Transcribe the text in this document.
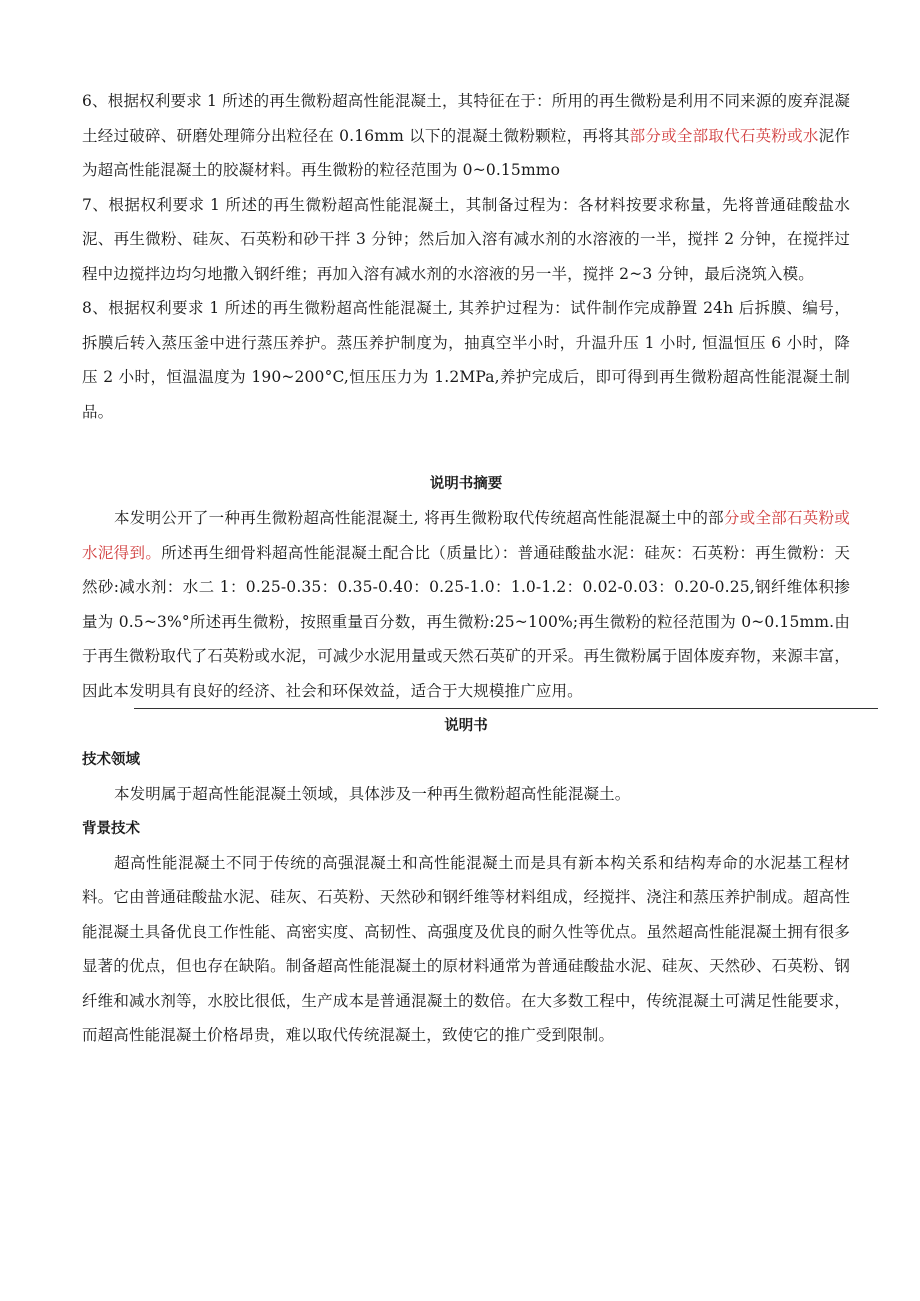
6、根据权利要求 1 所述的再生微粉超高性能混凝土，其特征在于：所用的再生微粉是利用不同来源的废弃混凝土经过破碎、研磨处理筛分出粒径在 0.16mm 以下的混凝土微粉颗粒，再将其部分或全部取代石英粉或水泥作为超高性能混凝土的胶凝材料。再生微粉的粒径范围为 0~0.15mmo

7、根据权利要求 1 所述的再生微粉超高性能混凝土，其制备过程为：各材料按要求称量，先将普通硅酸盐水泥、再生微粉、硅灰、石英粉和砂干拌 3 分钟；然后加入溶有减水剂的水溶液的一半，搅拌 2 分钟，在搅拌过程中边搅拌边均匀地撒入钢纤维；再加入溶有减水剂的水溶液的另一半，搅拌 2~3 分钟，最后浇筑入模。

8、根据权利要求 1 所述的再生微粉超高性能混凝土, 其养护过程为：试件制作完成静置 24h 后拆膜、编号，拆膜后转入蒸压釜中进行蒸压养护。蒸压养护制度为，抽真空半小时，升温升压 1 小时, 恒温恒压 6 小时，降压 2 小时，恒温温度为 190~200°C,恒压压力为 1.2MPa,养护完成后，即可得到再生微粉超高性能混凝土制品。

说明书摘要

本发明公开了一种再生微粉超高性能混凝土, 将再生微粉取代传统超高性能混凝土中的部分或全部石英粉或水泥得到。所述再生细骨料超高性能混凝土配合比（质量比）：普通硅酸盐水泥：硅灰：石英粉：再生微粉：天然砂:减水剂：水二 1：0.25-0.35：0.35-0.40：0.25-1.0：1.0-1.2：0.02-0.03：0.20-0.25,钢纤维体积掺量为 0.5~3%°所述再生微粉，按照重量百分数，再生微粉:25~100%;再生微粉的粒径范围为 0~0.15mm.由于再生微粉取代了石英粉或水泥，可减少水泥用量或天然石英矿的开采。再生微粉属于固体废弃物，来源丰富，因此本发明具有良好的经济、社会和环保效益，适合于大规模推广应用。

说明书

技术领域

本发明属于超高性能混凝土领域，具体涉及一种再生微粉超高性能混凝土。

背景技术

超高性能混凝土不同于传统的高强混凝土和高性能混凝土而是具有新本构关系和结构寿命的水泥基工程材料。它由普通硅酸盐水泥、硅灰、石英粉、天然砂和钢纤维等材料组成，经搅拌、浇注和蒸压养护制成。超高性能混凝土具备优良工作性能、高密实度、高韧性、高强度及优良的耐久性等优点。虽然超高性能混凝土拥有很多显著的优点，但也存在缺陷。制备超高性能混凝土的原材料通常为普通硅酸盐水泥、硅灰、天然砂、石英粉、钢纤维和减水剂等，水胶比很低，生产成本是普通混凝土的数倍。在大多数工程中，传统混凝土可满足性能要求，而超高性能混凝土价格昂贵，难以取代传统混凝土，致使它的推广受到限制。
